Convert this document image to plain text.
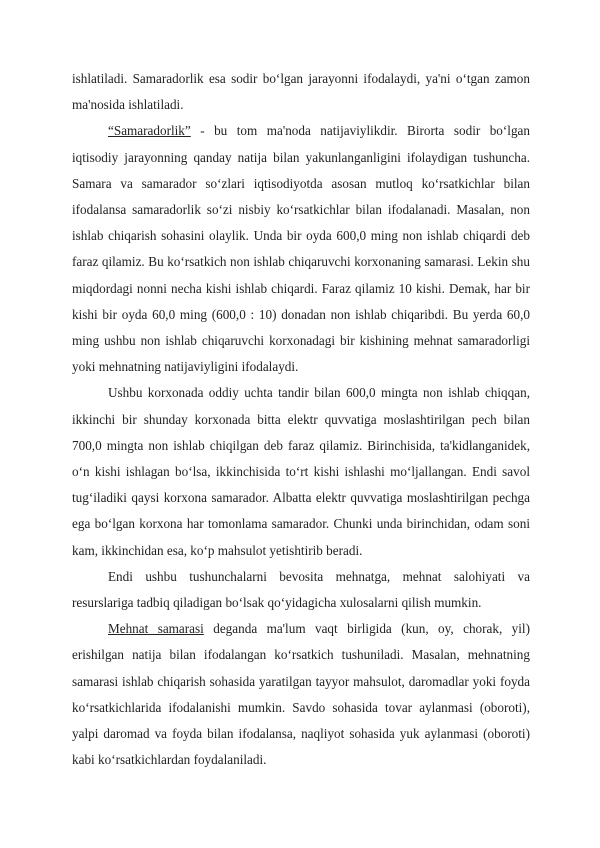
ishlatiladi. Samaradorlik esa sodir bo‘lgan jarayonni ifodalaydi, ya'ni o‘tgan zamon ma'nosida ishlatiladi.

“Samaradorlik” - bu tom ma'noda natijaviylikdir. Birorta sodir bo‘lgan iqtisodiy jarayonning qanday natija bilan yakunlanganligini ifolaydigan tushuncha. Samara va samarador so‘zlari iqtisodiyotda asosan mutloq ko‘rsatkichlar bilan ifodalansa samaradorlik so‘zi nisbiy ko‘rsatkichlar bilan ifodalanadi. Masalan, non ishlab chiqarish sohasini olaylik. Unda bir oyda 600,0 ming non ishlab chiqardi deb faraz qilamiz. Bu ko‘rsatkich non ishlab chiqaruvchi korxonaning samarasi. Lekin shu miqdordagi nonni necha kishi ishlab chiqardi. Faraz qilamiz 10 kishi. Demak, har bir kishi bir oyda 60,0 ming (600,0 : 10) donadan non ishlab chiqaribdi. Bu yerda 60,0 ming ushbu non ishlab chiqaruvchi korxonadagi bir kishining mehnat samaradorligi yoki mehnatning natijaviyligini ifodalaydi.

Ushbu korxonada oddiy uchta tandir bilan 600,0 mingta non ishlab chiqqan, ikkinchi bir shunday korxonada bitta elektr quvvatiga moslashtirilgan pech bilan 700,0 mingta non ishlab chiqilgan deb faraz qilamiz. Birinchisida, ta'kidlanganidek, o‘n kishi ishlagan bo‘lsa, ikkinchisida to‘rt kishi ishlashi mo‘ljallangan. Endi savol tug‘iladiki qaysi korxona samarador. Albatta elektr quvvatiga moslashtirilgan pechga ega bo‘lgan korxona har tomonlama samarador. Chunki unda birinchidan, odam soni kam, ikkinchidan esa, ko‘p mahsulot yetishtirib beradi.

Endi ushbu tushunchalarni bevosita mehnatga, mehnat salohiyati va resurslariga tadbiq qiladigan bo‘lsak qo‘yidagicha xulosalarni qilish mumkin.

Mehnat samarasi deganda ma'lum vaqt birligida (kun, oy, chorak, yil) erishilgan natija bilan ifodalangan ko‘rsatkich tushuniladi. Masalan, mehnatning samarasi ishlab chiqarish sohasida yaratilgan tayyor mahsulot, daromadlar yoki foyda ko‘rsatkichlarida ifodalanishi mumkin. Savdo sohasida tovar aylanmasi (oboroti), yalpi daromad va foyda bilan ifodalansa, naqliyot sohasida yuk aylanmasi (oboroti) kabi ko‘rsatkichlardan foydalaniladi.
